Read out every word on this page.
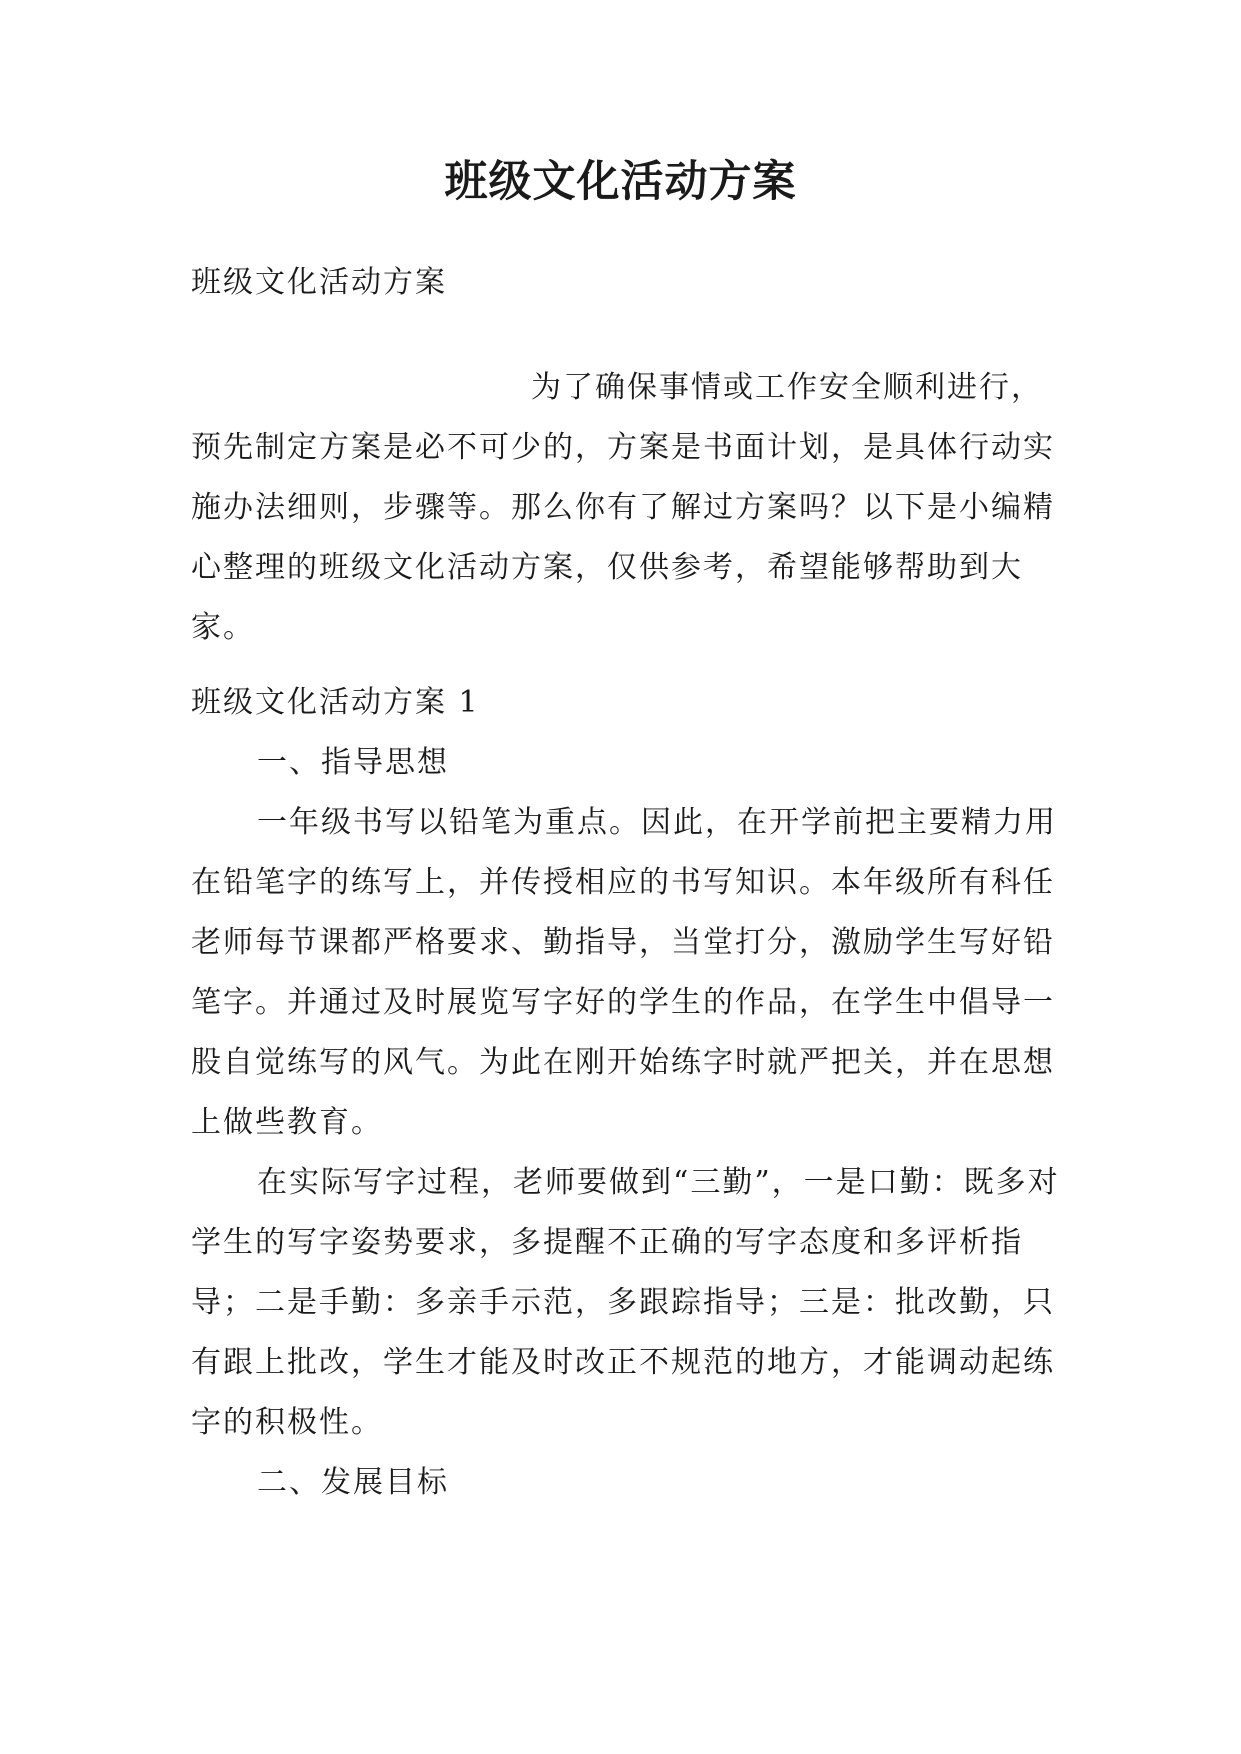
班级文化活动方案

班级文化活动方案

为了确保事情或工作安全顺利进行，预先制定方案是必不可少的，方案是书面计划，是具体行动实施办法细则，步骤等。那么你有了解过方案吗？以下是小编精心整理的班级文化活动方案，仅供参考，希望能够帮助到大家。

班级文化活动方案 1

一、指导思想

一年级书写以铅笔为重点。因此，在开学前把主要精力用在铅笔字的练写上，并传授相应的书写知识。本年级所有科任老师每节课都严格要求、勤指导，当堂打分，激励学生写好铅笔字。并通过及时展览写字好的学生的作品，在学生中倡导一股自觉练写的风气。为此在刚开始练字时就严把关，并在思想上做些教育。

在实际写字过程，老师要做到“三勤”，一是口勤：既多对学生的写字姿势要求，多提醒不正确的写字态度和多评析指导；二是手勤：多亲手示范，多跟踪指导；三是：批改勤，只有跟上批改，学生才能及时改正不规范的地方，才能调动起练字的积极性。

二、发展目标
